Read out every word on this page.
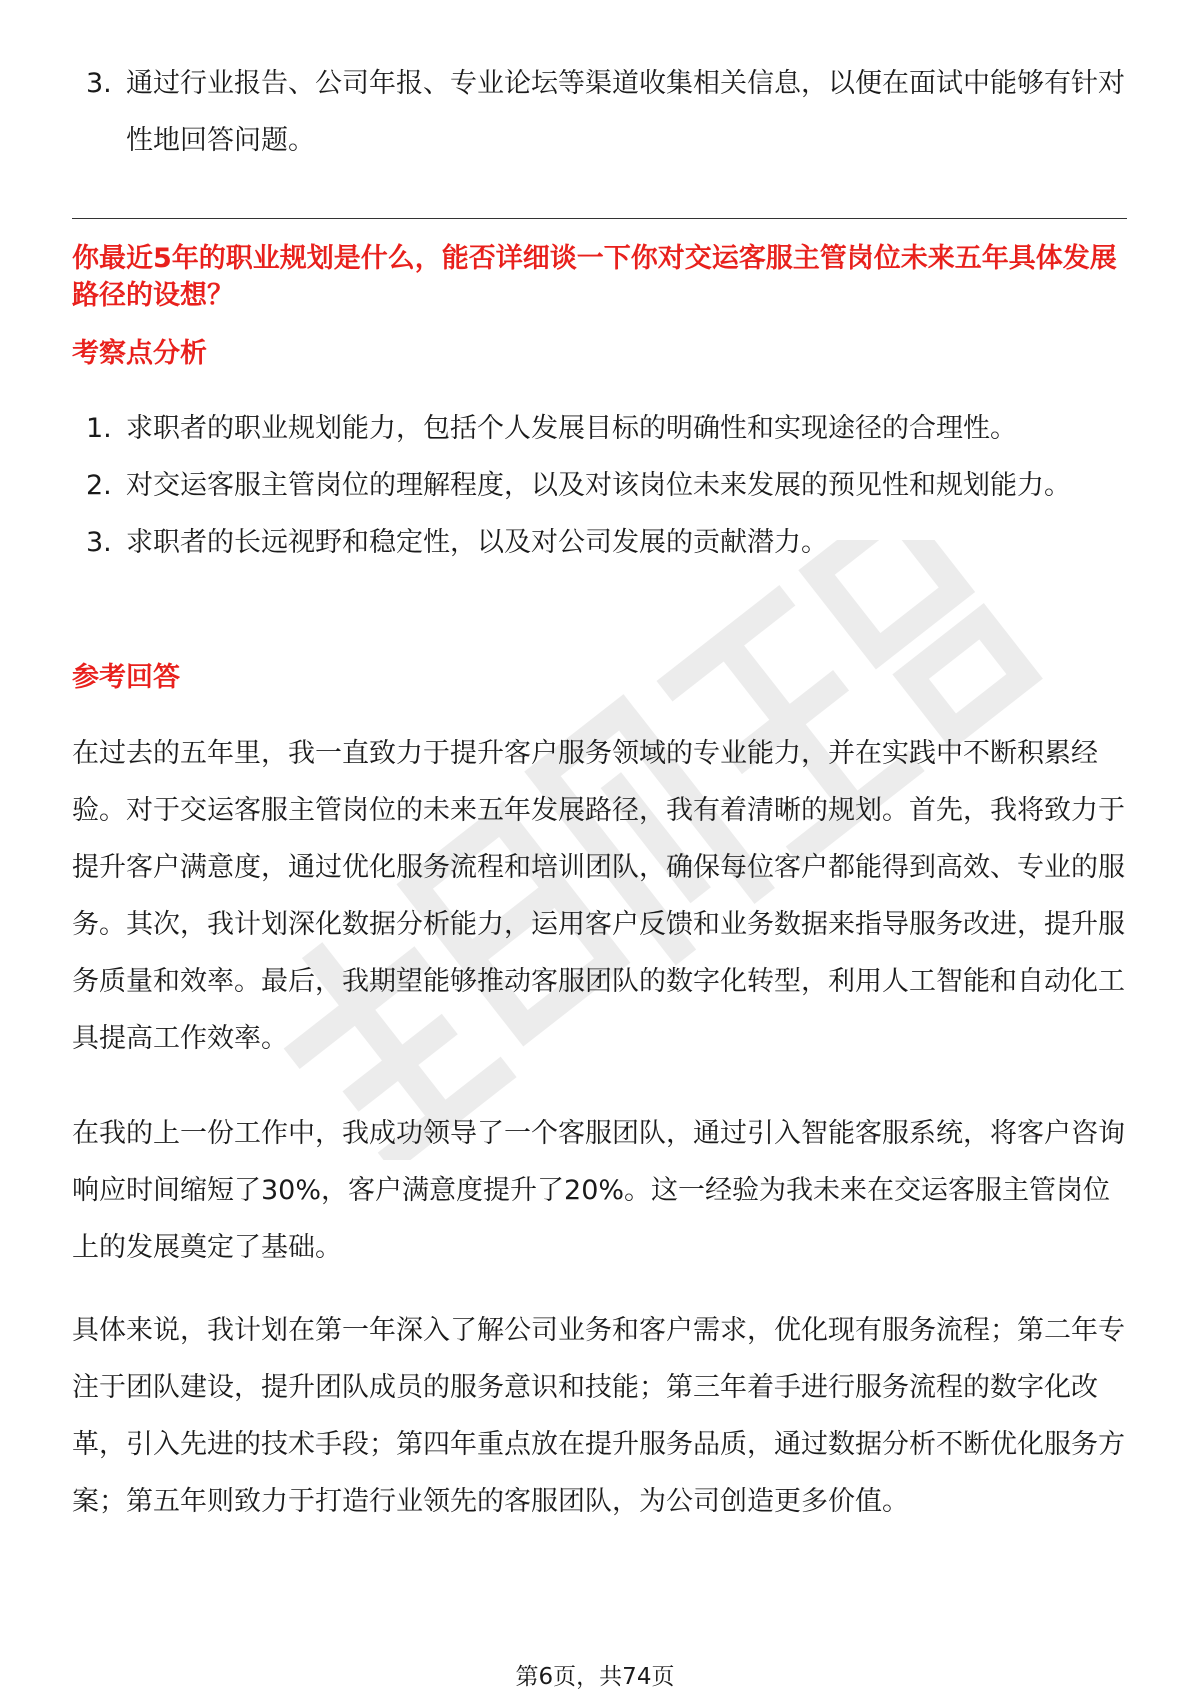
3. 通过行业报告、公司年报、专业论坛等渠道收集相关信息，以便在面试中能够有针对性地回答问题。

你最近5年的职业规划是什么，能否详细谈一下你对交运客服主管岗位未来五年具体发展路径的设想？

考察点分析

1. 求职者的职业规划能力，包括个人发展目标的明确性和实现途径的合理性。

2. 对交运客服主管岗位的理解程度，以及对该岗位未来发展的预见性和规划能力。

3. 求职者的长远视野和稳定性，以及对公司发展的贡献潜力。

参考回答

在过去的五年里，我一直致力于提升客户服务领域的专业能力，并在实践中不断积累经验。对于交运客服主管岗位的未来五年发展路径，我有着清晰的规划。首先，我将致力于提升客户满意度，通过优化服务流程和培训团队，确保每位客户都能得到高效、专业的服务。其次，我计划深化数据分析能力，运用客户反馈和业务数据来指导服务改进，提升服务质量和效率。最后，我期望能够推动客服团队的数字化转型，利用人工智能和自动化工具提高工作效率。

在我的上一份工作中，我成功领导了一个客服团队，通过引入智能客服系统，将客户咨询响应时间缩短了30%，客户满意度提升了20%。这一经验为我未来在交运客服主管岗位上的发展奠定了基础。

具体来说，我计划在第一年深入了解公司业务和客户需求，优化现有服务流程；第二年专注于团队建设，提升团队成员的服务意识和技能；第三年着手进行服务流程的数字化改革，引入先进的技术手段；第四年重点放在提升服务品质，通过数据分析不断优化服务方案；第五年则致力于打造行业领先的客服团队，为公司创造更多价值。

第6页，共74页
